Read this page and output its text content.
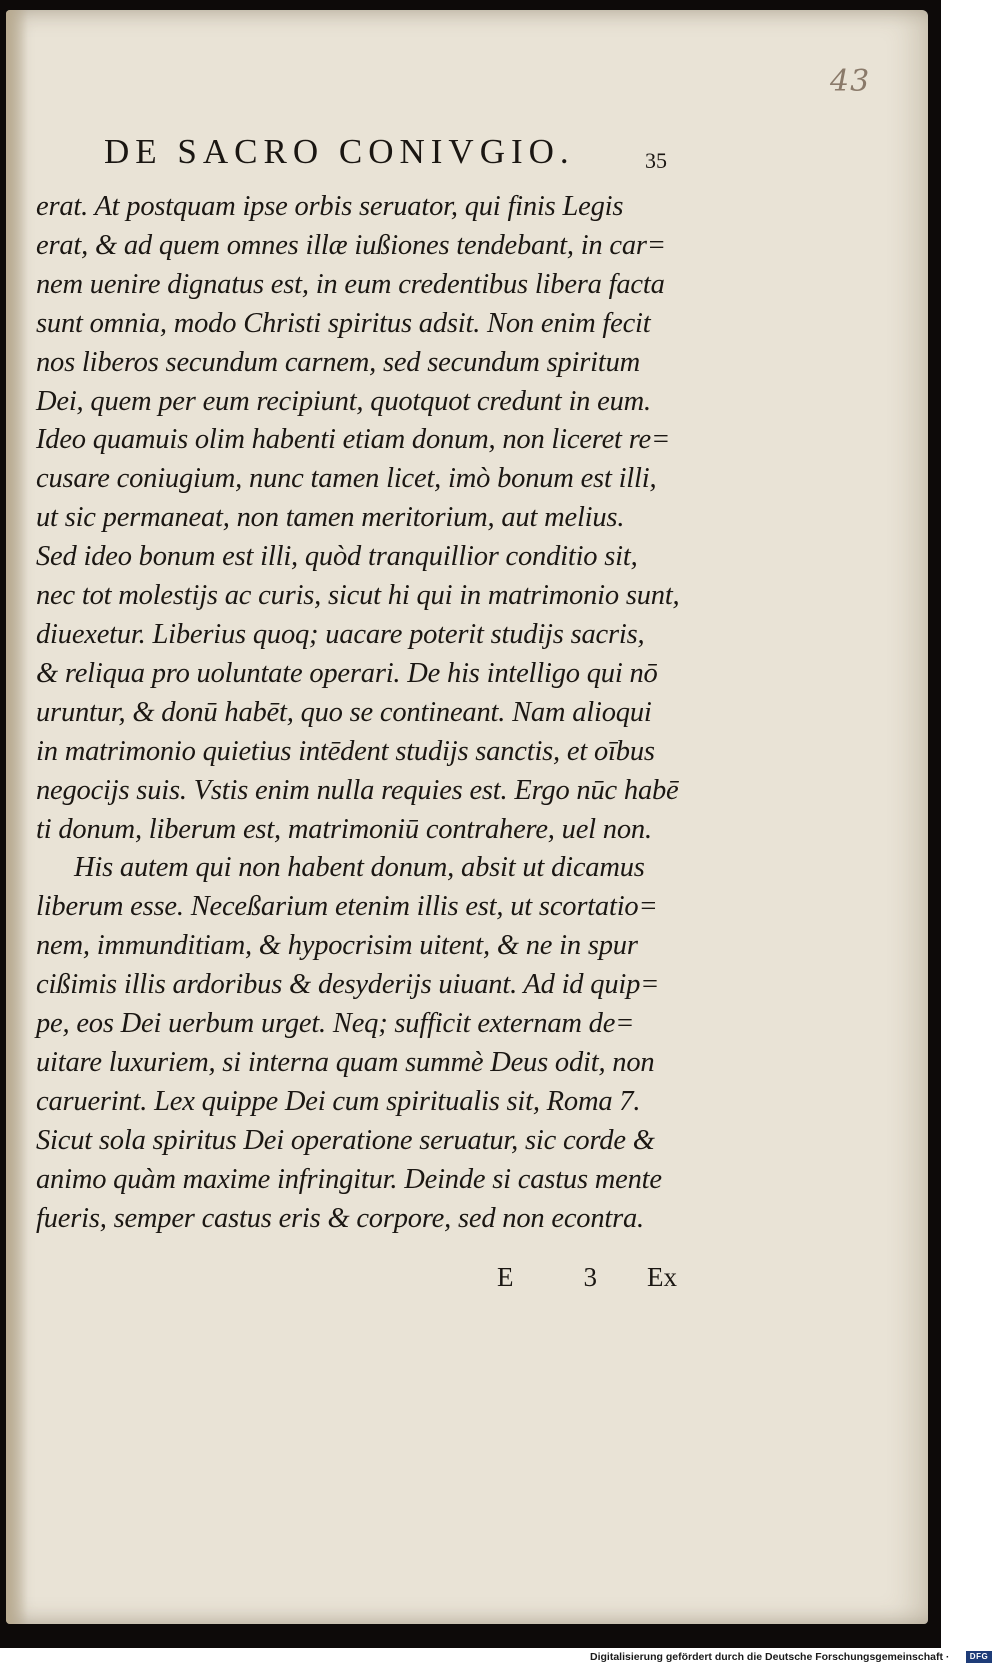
43
DE SACRO CONIVGIO.	35
erat. At postquam ipse orbis seruator, qui finis Legis
erat, & ad quem omnes illæ iußiones tendebant, in car=
nem uenire dignatus est, in eum credentibus libera facta
sunt omnia, modo Christi spiritus adsit. Non enim fecit
nos liberos secundum carnem, sed secundum spiritum
Dei, quem per eum recipiunt, quotquot credunt in eum.
Ideo quamuis olim habenti etiam donum, non liceret re=
cusare coniugium, nunc tamen licet, imò bonum est illi,
ut sic permaneat, non tamen meritorium, aut melius.
Sed ideo bonum est illi, quòd tranquillior conditio sit,
nec tot molestijs ac curis, sicut hi qui in matrimonio sunt,
diuexetur. Liberius quoq; uacare poterit studijs sacris,
& reliqua pro uoluntate operari. De his intelligo qui nō
uruntur, & donū habēt, quo se contineant. Nam alioqui
in matrimonio quietius intēdent studijs sanctis, et oībus
negocijs suis. Vstis enim nulla requies est. Ergo nūc habē
ti donum, liberum est, matrimoniū contrahere, uel non.
His autem qui non habent donum, absit ut dicamus
liberum esse. Neceßarium etenim illis est, ut scortatio=
nem, immunditiam, & hypocrisim uitent, & ne in spur
cißimis illis ardoribus & desyderijs uiuant. Ad id quip=
pe, eos Dei uerbum urget. Neq; sufficit externam de=
uitare luxuriem, si interna quam summè Deus odit, non
caruerint. Lex quippe Dei cum spiritualis sit, Roma 7.
Sicut sola spiritus Dei operatione seruatur, sic corde &
animo quàm maxime infringitur. Deinde si castus mente
fueris, semper castus eris & corpore, sed non econtra.
E	3 Ex
Digitalisierung gefördert durch die Deutsche Forschungsgemeinschaft ·	DFG
